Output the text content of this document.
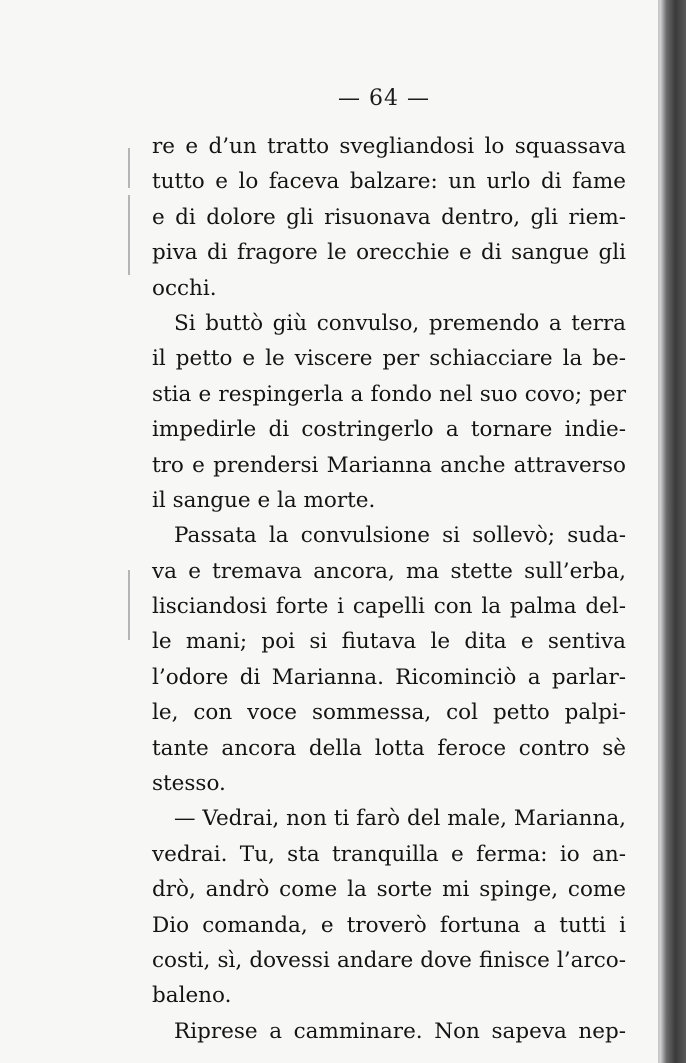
— 64 —
re e d’un tratto svegliandosi lo squassava
tutto e lo faceva balzare: un urlo di fame
e di dolore gli risuonava dentro, gli riem-
piva di fragore le orecchie e di sangue gli
occhi.
Si buttò giù convulso, premendo a terra
il petto e le viscere per schiacciare la be-
stia e respingerla a fondo nel suo covo; per
impedirle di costringerlo a tornare indie-
tro e prendersi Marianna anche attraverso
il sangue e la morte.
Passata la convulsione si sollevò; suda-
va e tremava ancora, ma stette sull’erba,
lisciandosi forte i capelli con la palma del-
le mani; poi si fiutava le dita e sentiva
l’odore di Marianna. Ricominciò a parlar-
le, con voce sommessa, col petto palpi-
tante ancora della lotta feroce contro sè
stesso.
— Vedrai, non ti farò del male, Marianna,
vedrai. Tu, sta tranquilla e ferma: io an-
drò, andrò come la sorte mi spinge, come
Dio comanda, e troverò fortuna a tutti i
costi, sì, dovessi andare dove finisce l’arco-
baleno.
Riprese a camminare. Non sapeva nep-
